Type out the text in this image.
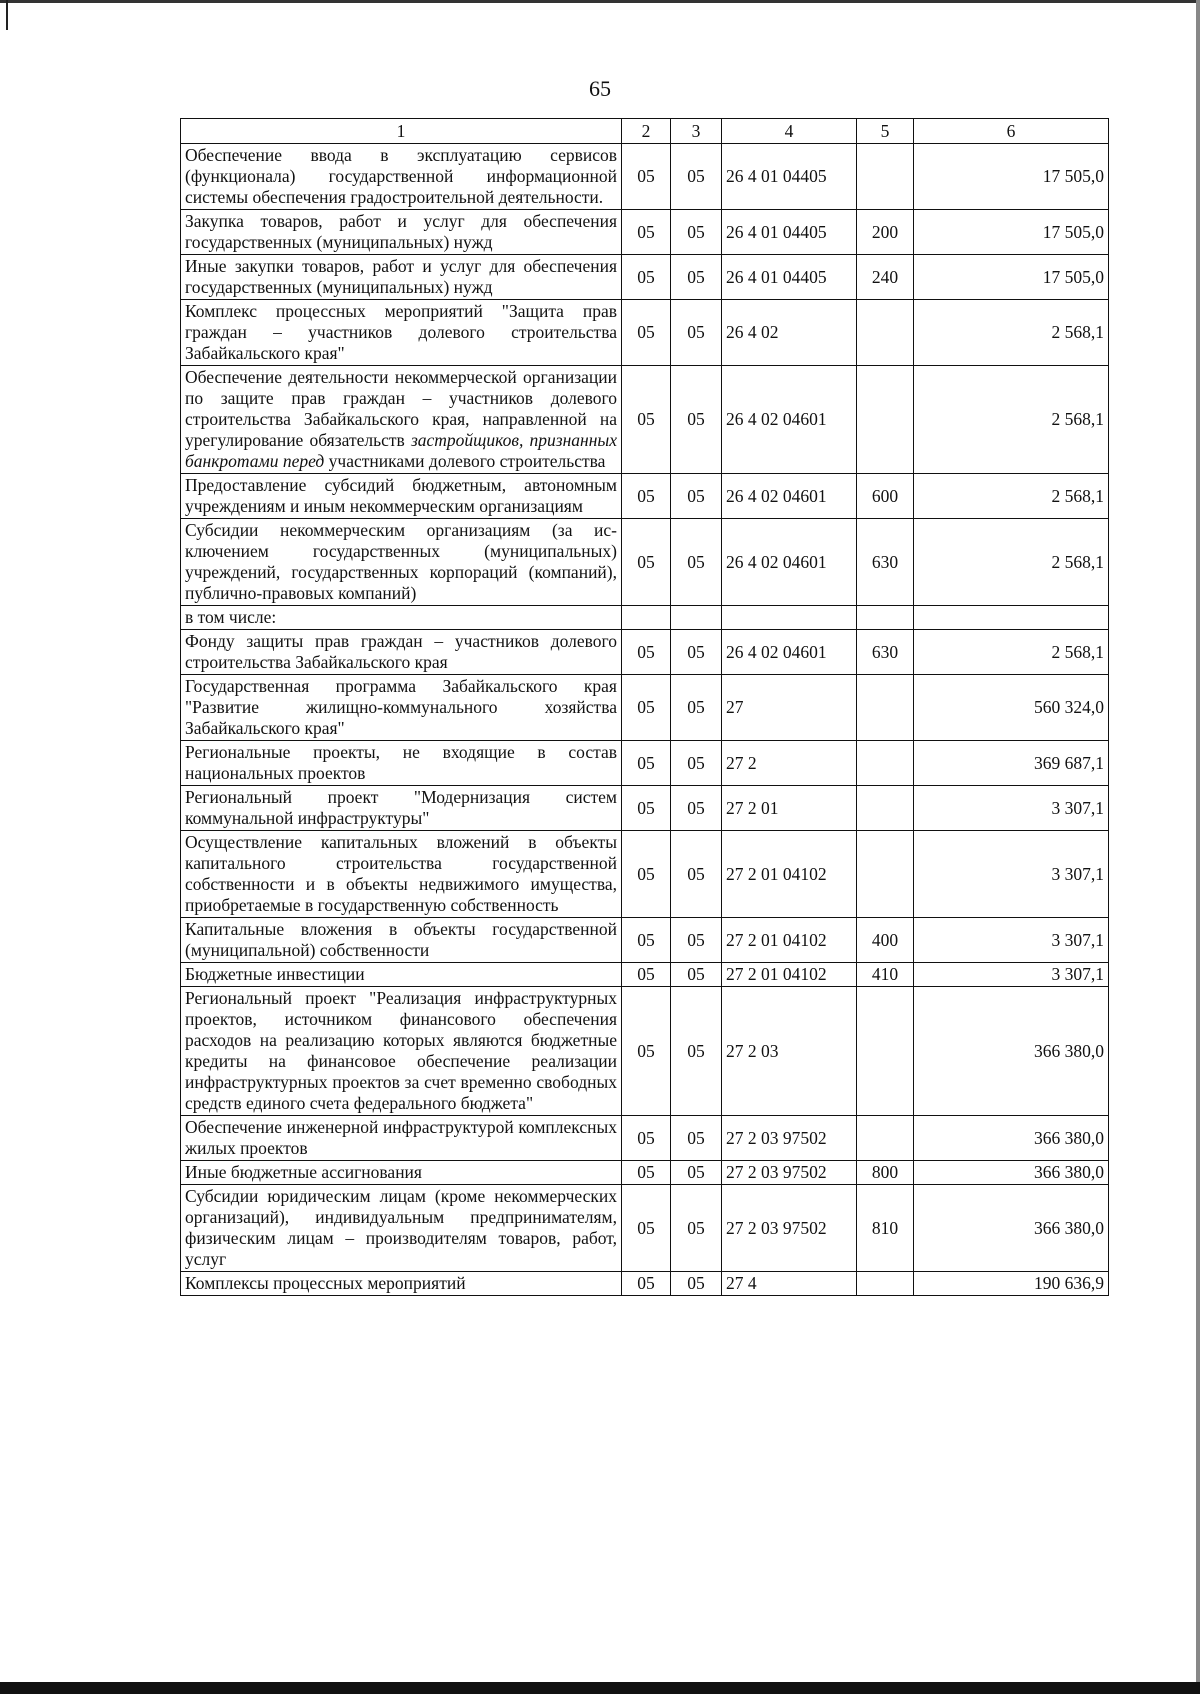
65
1	2	3	4	5	6
Обеспечение ввода в эксплуатацию сервисов (функционала) государственной информационной системы обеспечения градостроительной деятельности.	05	05	26 4 01 04405		17 505,0
Закупка товаров, работ и услуг для обеспечения государственных (муниципальных) нужд	05	05	26 4 01 04405	200	17 505,0
Иные закупки товаров, работ и услуг для обеспечения государственных (муниципальных) нужд	05	05	26 4 01 04405	240	17 505,0
Комплекс процессных мероприятий "Защита прав граждан – участников долевого строительства Забайкальского края"	05	05	26 4 02		2 568,1
Обеспечение деятельности некоммерческой организации по защите прав граждан – участников долевого строительства Забайкальского края, направленной на урегулирование обязательств застройщиков, признанных банкротами перед участниками долевого строительства	05	05	26 4 02 04601		2 568,1
Предоставление субсидий бюджетным, автономным учреждениям и иным некоммерческим организациям	05	05	26 4 02 04601	600	2 568,1
Субсидии некоммерческим организациям (за исключением государственных (муниципальных) учреждений, государственных корпораций (компаний), публично-правовых компаний)	05	05	26 4 02 04601	630	2 568,1
в том числе:					
Фонду защиты прав граждан – участников долевого строительства Забайкальского края	05	05	26 4 02 04601	630	2 568,1
Государственная программа Забайкальского края "Развитие жилищно-коммунального хозяйства Забайкальского края"	05	05	27		560 324,0
Региональные проекты, не входящие в состав национальных проектов	05	05	27 2		369 687,1
Региональный проект "Модернизация систем коммунальной инфраструктуры"	05	05	27 2 01		3 307,1
Осуществление капитальных вложений в объекты капитального строительства государственной собственности и в объекты недвижимого имущества, приобретаемые в государственную собственность	05	05	27 2 01 04102		3 307,1
Капитальные вложения в объекты государственной (муниципальной) собственности	05	05	27 2 01 04102	400	3 307,1
Бюджетные инвестиции	05	05	27 2 01 04102	410	3 307,1
Региональный проект "Реализация инфраструктурных проектов, источником финансового обеспечения расходов на реализацию которых являются бюджетные кредиты на финансовое обеспечение реализации инфраструктурных проектов за счет временно свободных средств единого счета федерального бюджета"	05	05	27 2 03		366 380,0
Обеспечение инженерной инфраструктурой комплексных жилых проектов	05	05	27 2 03 97502		366 380,0
Иные бюджетные ассигнования	05	05	27 2 03 97502	800	366 380,0
Субсидии юридическим лицам (кроме некоммерческих организаций), индивидуальным предпринимателям, физическим лицам – производителям товаров, работ, услуг	05	05	27 2 03 97502	810	366 380,0
Комплексы процессных мероприятий	05	05	27 4		190 636,9
